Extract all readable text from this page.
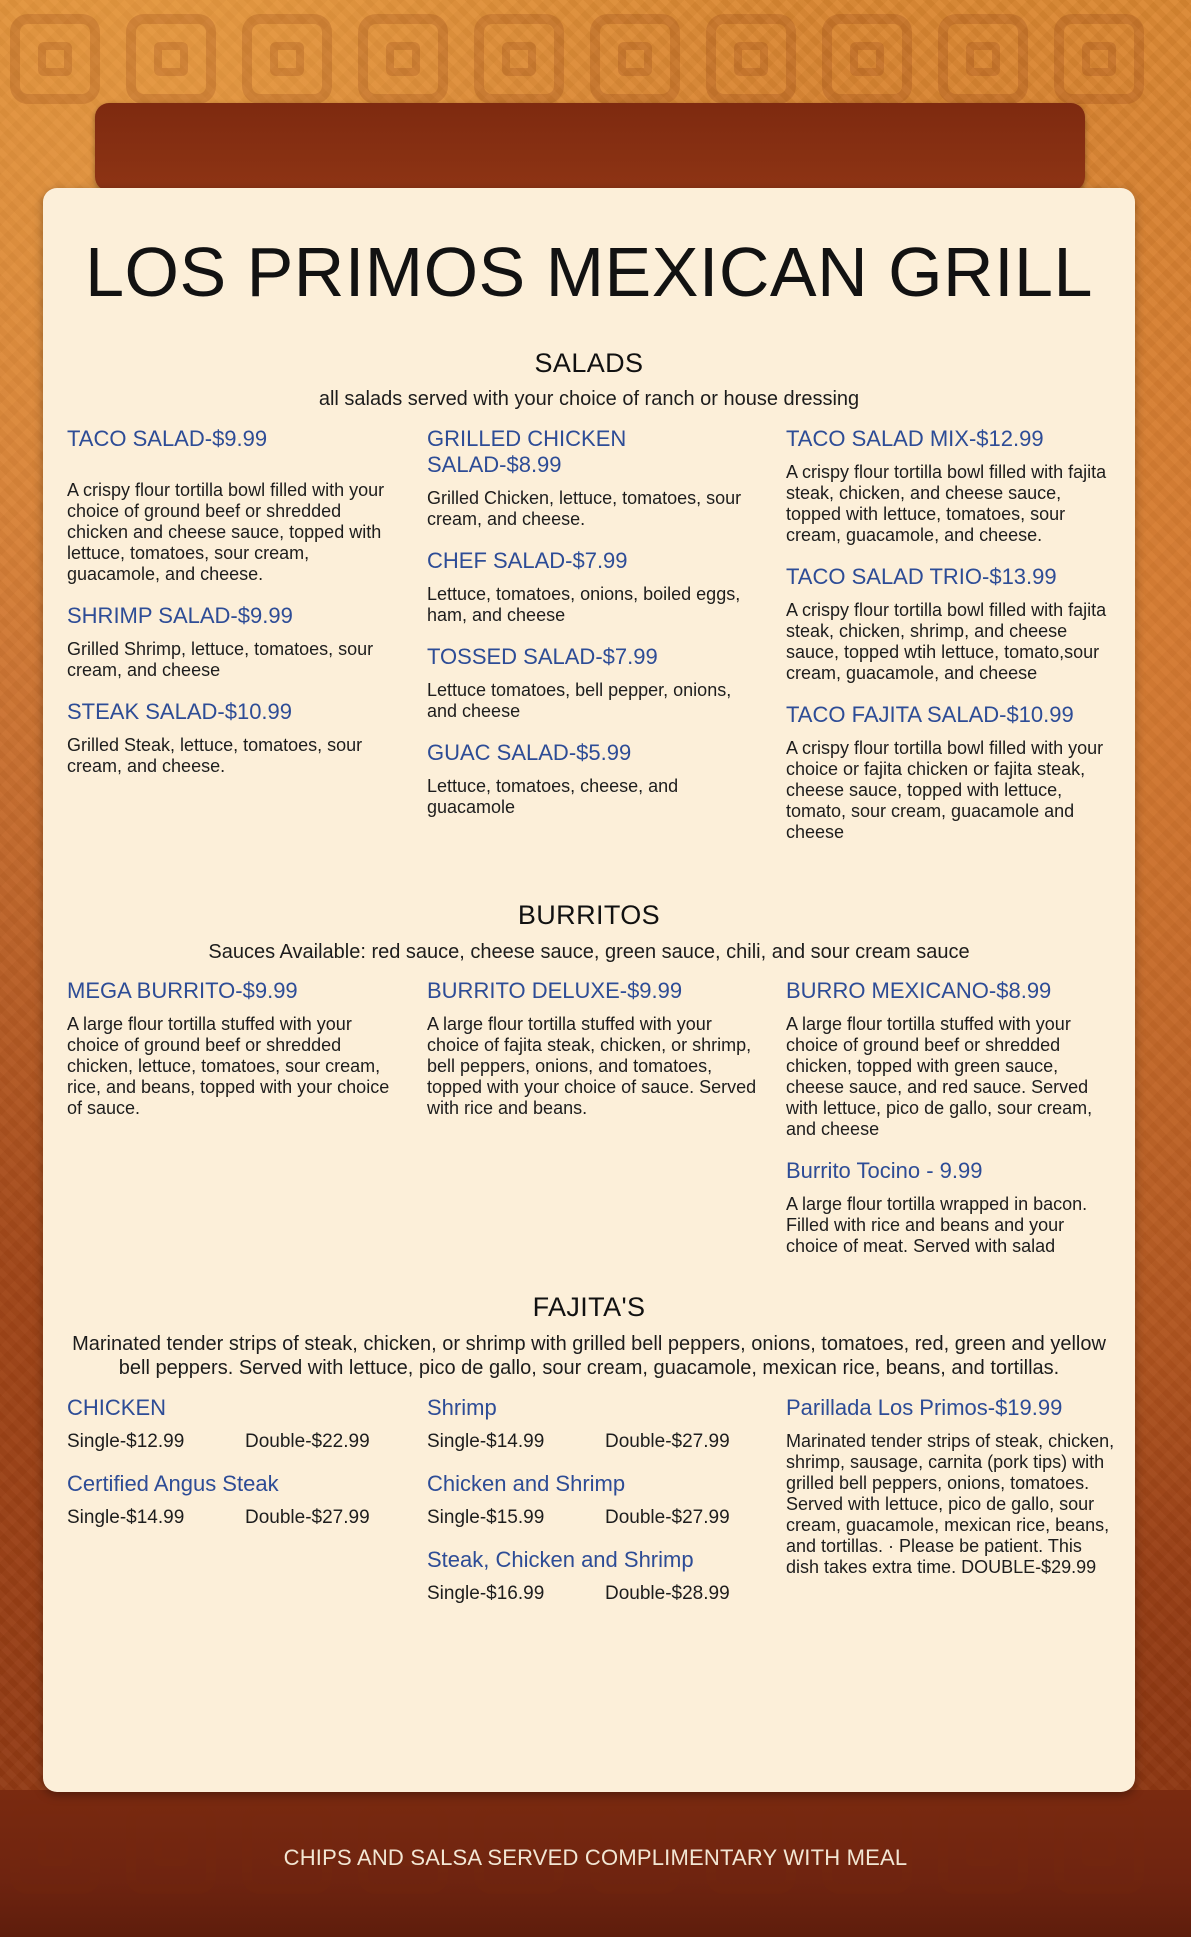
LOS PRIMOS MEXICAN GRILL
SALADS
all salads served with your choice of ranch or house dressing
TACO SALAD-$9.99
A crispy flour tortilla bowl filled with your choice of ground beef or shredded chicken and cheese sauce, topped with lettuce, tomatoes, sour cream, guacamole, and cheese.
SHRIMP SALAD-$9.99
Grilled Shrimp, lettuce, tomatoes, sour cream, and cheese
STEAK SALAD-$10.99
Grilled Steak, lettuce, tomatoes, sour cream, and cheese.
GRILLED CHICKEN SALAD-$8.99
Grilled Chicken, lettuce, tomatoes, sour cream, and cheese.
CHEF SALAD-$7.99
Lettuce, tomatoes, onions, boiled eggs, ham, and cheese
TOSSED SALAD-$7.99
Lettuce tomatoes, bell pepper, onions, and cheese
GUAC SALAD-$5.99
Lettuce, tomatoes, cheese, and guacamole
TACO SALAD MIX-$12.99
A crispy flour tortilla bowl filled with fajita steak, chicken, and cheese sauce, topped with lettuce, tomatoes, sour cream, guacamole, and cheese.
TACO SALAD TRIO-$13.99
A crispy flour tortilla bowl filled with fajita steak, chicken, shrimp, and cheese sauce, topped wtih lettuce, tomato,sour cream, guacamole, and cheese
TACO FAJITA SALAD-$10.99
A crispy flour tortilla bowl filled with your choice or fajita chicken or fajita steak, cheese sauce, topped with lettuce, tomato, sour cream, guacamole and cheese
BURRITOS
Sauces Available: red sauce, cheese sauce, green sauce, chili, and sour cream sauce
MEGA BURRITO-$9.99
A large flour tortilla stuffed with your choice of ground beef or shredded chicken, lettuce, tomatoes, sour cream, rice, and beans, topped with your choice of sauce.
BURRITO DELUXE-$9.99
A large flour tortilla stuffed with your choice of fajita steak, chicken, or shrimp, bell peppers, onions, and tomatoes, topped with your choice of sauce. Served with rice and beans.
BURRO MEXICANO-$8.99
A large flour tortilla stuffed with your choice of ground beef or shredded chicken, topped with green sauce, cheese sauce, and red sauce. Served with lettuce, pico de gallo, sour cream, and cheese
Burrito Tocino - 9.99
A large flour tortilla wrapped in bacon. Filled with rice and beans and your choice of meat. Served with salad
FAJITA'S
Marinated tender strips of steak, chicken, or shrimp with grilled bell peppers, onions, tomatoes, red, green and yellow bell peppers. Served with lettuce, pico de gallo, sour cream, guacamole, mexican rice, beans, and tortillas.
CHICKEN
Single-$12.99	Double-$22.99
Certified Angus Steak
Single-$14.99	Double-$27.99
Shrimp
Single-$14.99	Double-$27.99
Chicken and Shrimp
Single-$15.99	Double-$27.99
Steak, Chicken and Shrimp
Single-$16.99	Double-$28.99
Parillada Los Primos-$19.99
Marinated tender strips of steak, chicken, shrimp, sausage, carnita (pork tips) with grilled bell peppers, onions, tomatoes. Served with lettuce, pico de gallo, sour cream, guacamole, mexican rice, beans, and tortillas. · Please be patient. This dish takes extra time. DOUBLE-$29.99
CHIPS AND SALSA SERVED COMPLIMENTARY WITH MEAL
